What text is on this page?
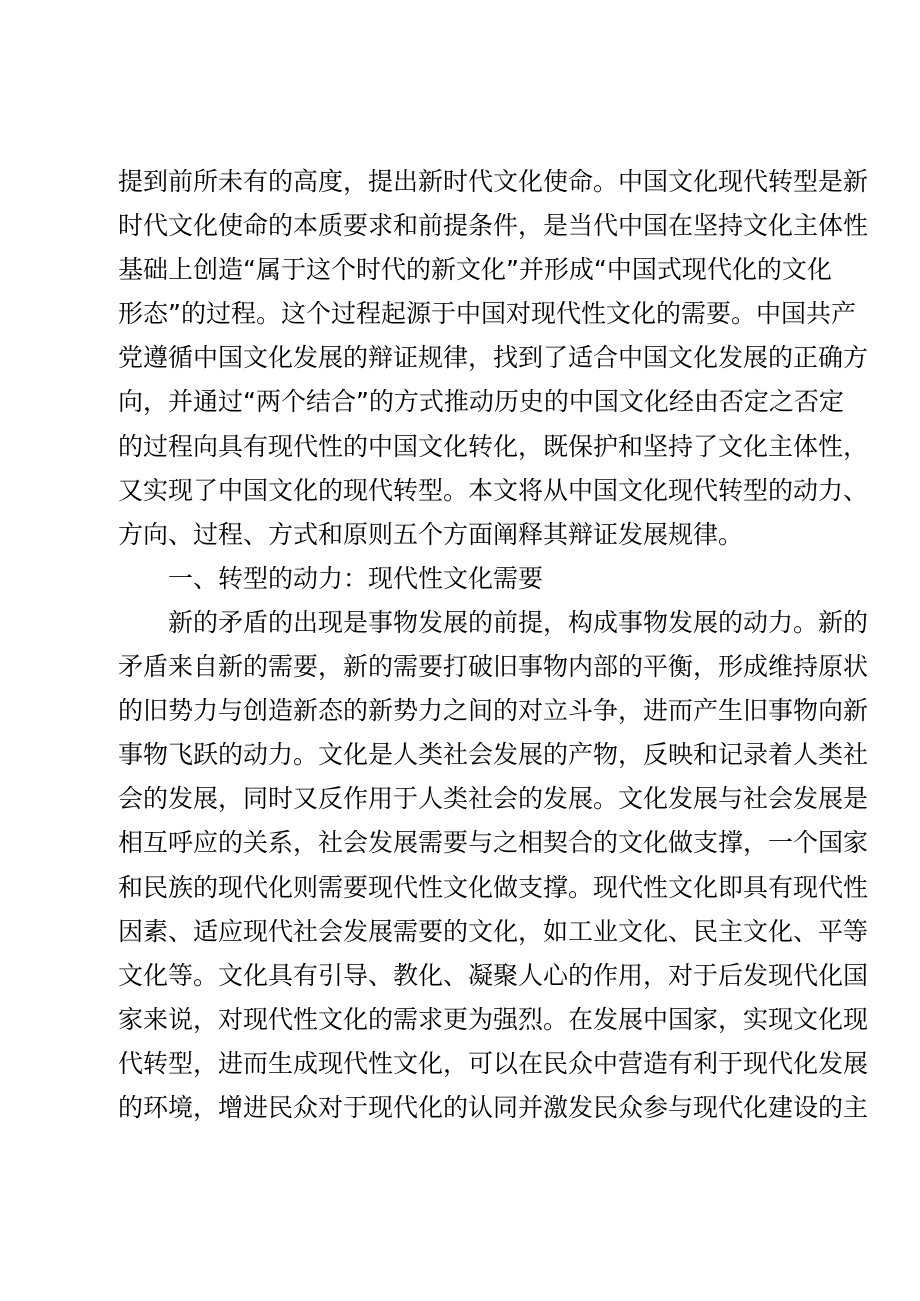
提到前所未有的高度，提出新时代文化使命。中国文化现代转型是新
时代文化使命的本质要求和前提条件，是当代中国在坚持文化主体性
基础上创造“属于这个时代的新文化”并形成“中国式现代化的文化
形态”的过程。这个过程起源于中国对现代性文化的需要。中国共产
党遵循中国文化发展的辩证规律，找到了适合中国文化发展的正确方
向，并通过“两个结合”的方式推动历史的中国文化经由否定之否定
的过程向具有现代性的中国文化转化，既保护和坚持了文化主体性，
又实现了中国文化的现代转型。本文将从中国文化现代转型的动力、
方向、过程、方式和原则五个方面阐释其辩证发展规律。
一、转型的动力：现代性文化需要
新的矛盾的出现是事物发展的前提，构成事物发展的动力。新的
矛盾来自新的需要，新的需要打破旧事物内部的平衡，形成维持原状
的旧势力与创造新态的新势力之间的对立斗争，进而产生旧事物向新
事物飞跃的动力。文化是人类社会发展的产物，反映和记录着人类社
会的发展，同时又反作用于人类社会的发展。文化发展与社会发展是
相互呼应的关系，社会发展需要与之相契合的文化做支撑，一个国家
和民族的现代化则需要现代性文化做支撑。现代性文化即具有现代性
因素、适应现代社会发展需要的文化，如工业文化、民主文化、平等
文化等。文化具有引导、教化、凝聚人心的作用，对于后发现代化国
家来说，对现代性文化的需求更为强烈。在发展中国家，实现文化现
代转型，进而生成现代性文化，可以在民众中营造有利于现代化发展
的环境，增进民众对于现代化的认同并激发民众参与现代化建设的主
